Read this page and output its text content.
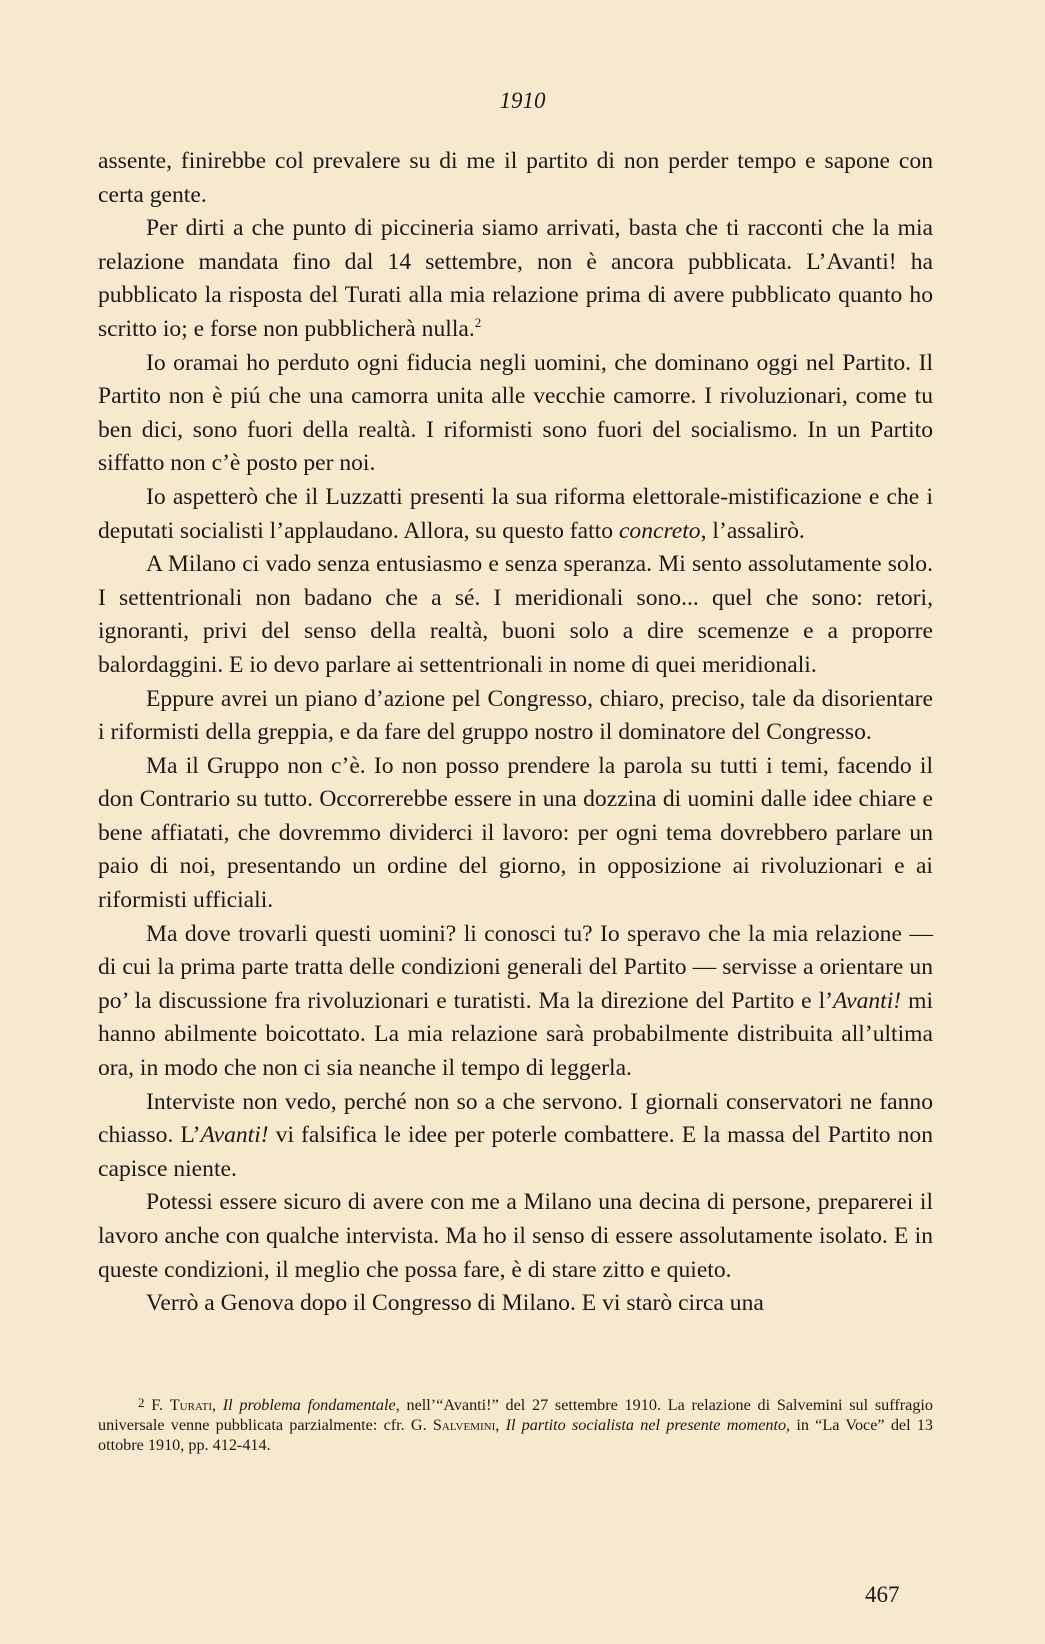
1910

assente, finirebbe col prevalere su di me il partito di non perder tempo e sapone con certa gente.

Per dirti a che punto di piccineria siamo arrivati, basta che ti racconti che la mia relazione mandata fino dal 14 settembre, non è ancora pubblicata. L’Avanti! ha pubblicato la risposta del Turati alla mia relazione prima di avere pubblicato quanto ho scritto io; e forse non pubblicherà nulla.$^2$

Io oramai ho perduto ogni fiducia negli uomini, che dominano oggi nel Partito. Il Partito non è piú che una camorra unita alle vecchie camorre. I rivoluzionari, come tu ben dici, sono fuori della realtà. I riformisti sono fuori del socialismo. In un Partito siffatto non c’è posto per noi.

Io aspetterò che il Luzzatti presenti la sua riforma elettorale-mistificazione e che i deputati socialisti l’applaudano. Allora, su questo fatto concreto, l’assalirò.

A Milano ci vado senza entusiasmo e senza speranza. Mi sento assolutamente solo. I settentrionali non badano che a sé. I meridionali sono... quel che sono: retori, ignoranti, privi del senso della realtà, buoni solo a dire scemenze e a proporre balordaggini. E io devo parlare ai settentrionali in nome di quei meridionali.

Eppure avrei un piano d’azione pel Congresso, chiaro, preciso, tale da disorientare i riformisti della greppia, e da fare del gruppo nostro il dominatore del Congresso.

Ma il Gruppo non c’è. Io non posso prendere la parola su tutti i temi, facendo il don Contrario su tutto. Occorrerebbe essere in una dozzina di uomini dalle idee chiare e bene affiatati, che dovremmo dividerci il lavoro: per ogni tema dovrebbero parlare un paio di noi, presentando un ordine del giorno, in opposizione ai rivoluzionari e ai riformisti ufficiali.

Ma dove trovarli questi uomini? li conosci tu? Io speravo che la mia relazione — di cui la prima parte tratta delle condizioni generali del Partito — servisse a orientare un po’ la discussione fra rivoluzionari e turatisti. Ma la direzione del Partito e l’Avanti! mi hanno abilmente boicottato. La mia relazione sarà probabilmente distribuita all’ultima ora, in modo che non ci sia neanche il tempo di leggerla.

Interviste non vedo, perché non so a che servono. I giornali conservatori ne fanno chiasso. L’Avanti! vi falsifica le idee per poterle combattere. E la massa del Partito non capisce niente.

Potessi essere sicuro di avere con me a Milano una decina di persone, preparerei il lavoro anche con qualche intervista. Ma ho il senso di essere assolutamente isolato. E in queste condizioni, il meglio che possa fare, è di stare zitto e quieto.

Verrò a Genova dopo il Congresso di Milano. E vi starò circa una

2 F. Turati, Il problema fondamentale, nell’“Avanti!” del 27 settembre 1910. La relazione di Salvemini sul suffragio universale venne pubblicata parzialmente: cfr. G. Salvemini, Il partito socialista nel presente momento, in “La Voce” del 13 ottobre 1910, pp. 412-414.

467
